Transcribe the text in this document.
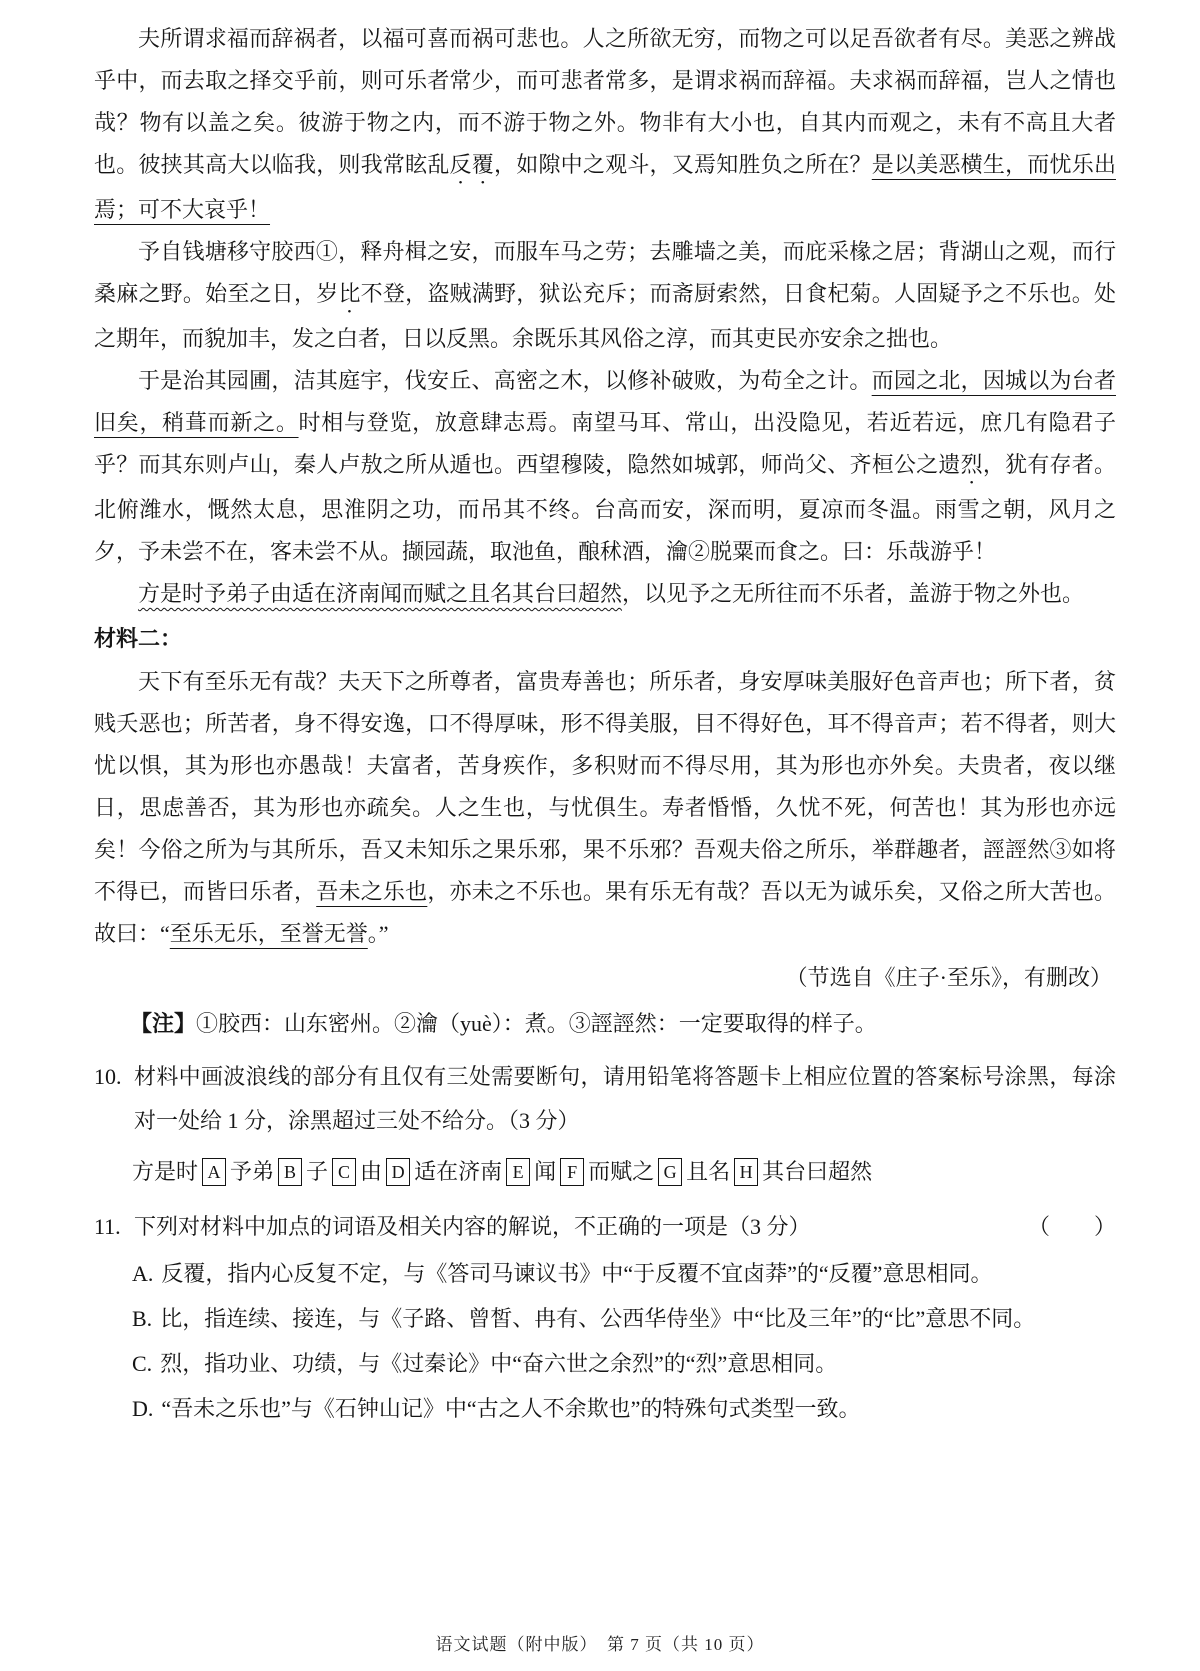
夫所谓求福而辞祸者，以福可喜而祸可悲也。人之所欲无穷，而物之可以足吾欲者有尽。美恶之辨战乎中，而去取之择交乎前，则可乐者常少，而可悲者常多，是谓求祸而辞福。夫求祸而辞福，岂人之情也哉？物有以盖之矣。彼游于物之内，而不游于物之外。物非有大小也，自其内而观之，未有不高且大者也。彼挟其高大以临我，则我常眩乱反覆，如隙中之观斗，又焉知胜负之所在？是以美恶横生，而忧乐出焉；可不大哀乎！

予自钱塘移守胶西①，释舟楫之安，而服车马之劳；去雕墙之美，而庇采椽之居；背湖山之观，而行桑麻之野。始至之日，岁比不登，盗贼满野，狱讼充斥；而斋厨索然，日食杞菊。人固疑予之不乐也。处之期年，而貌加丰，发之白者，日以反黑。余既乐其风俗之淳，而其吏民亦安余之拙也。

于是治其园圃，洁其庭宇，伐安丘、高密之木，以修补破败，为苟全之计。而园之北，因城以为台者旧矣，稍葺而新之。时相与登览，放意肆志焉。南望马耳、常山，出没隐见，若近若远，庶几有隐君子乎？而其东则卢山，秦人卢敖之所从遁也。西望穆陵，隐然如城郭，师尚父、齐桓公之遗烈，犹有存者。北俯潍水，慨然太息，思淮阴之功，而吊其不终。台高而安，深而明，夏凉而冬温。雨雪之朝，风月之夕，予未尝不在，客未尝不从。撷园蔬，取池鱼，酿秫酒，瀹②脱粟而食之。曰：乐哉游乎！

方是时予弟子由适在济南闻而赋之且名其台曰超然，以见予之无所往而不乐者，盖游于物之外也。

材料二：

天下有至乐无有哉？夫天下之所尊者，富贵寿善也；所乐者，身安厚味美服好色音声也；所下者，贫贱夭恶也；所苦者，身不得安逸，口不得厚味，形不得美服，目不得好色，耳不得音声；若不得者，则大忧以惧，其为形也亦愚哉！夫富者，苦身疾作，多积财而不得尽用，其为形也亦外矣。夫贵者，夜以继日，思虑善否，其为形也亦疏矣。人之生也，与忧俱生。寿者惛惛，久忧不死，何苦也！其为形也亦远矣！今俗之所为与其所乐，吾又未知乐之果乐邪，果不乐邪？吾观夫俗之所乐，举群趣者，誙誙然③如将不得已，而皆曰乐者，吾未之乐也，亦未之不乐也。果有乐无有哉？吾以无为诚乐矣，又俗之所大苦也。故曰：“至乐无乐，至誉无誉。”

（节选自《庄子·至乐》，有删改）
【注】①胶西：山东密州。②瀹（yuè）：煮。③誙誙然：一定要取得的样子。
10. 材料中画波浪线的部分有且仅有三处需要断句，请用铅笔将答题卡上相应位置的答案标号涂黑，每涂对一处给 1 分，涂黑超过三处不给分。（3 分）
方是时 A 予弟 B 子 C 由 D 适在济南 E 闻 F 而赋之 G 且名 H 其台曰超然
11. 下列对材料中加点的词语及相关内容的解说，不正确的一项是（3 分）	（　　）
A. 反覆，指内心反复不定，与《答司马谏议书》中“于反覆不宜卤莽”的“反覆”意思相同。
B. 比，指连续、接连，与《子路、曾皙、冉有、公西华侍坐》中“比及三年”的“比”意思不同。
C. 烈，指功业、功绩，与《过秦论》中“奋六世之余烈”的“烈”意思相同。
D. “吾未之乐也”与《石钟山记》中“古之人不余欺也”的特殊句式类型一致。
语文试题（附中版）　第 7 页（共 10 页）
